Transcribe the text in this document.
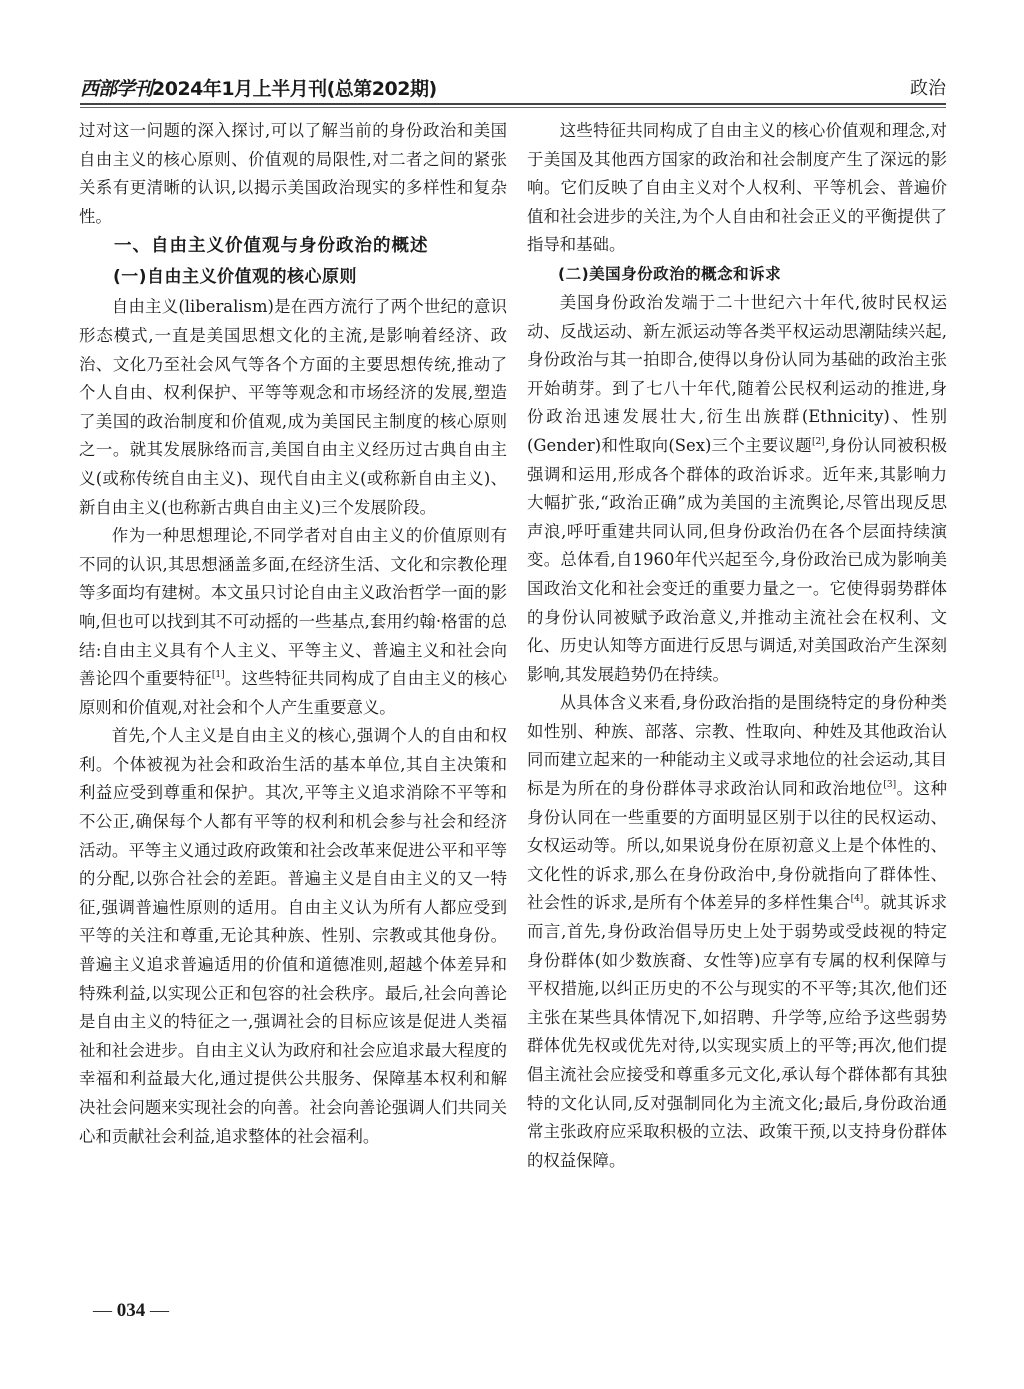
西部学刊2024年1月上半月刊(总第202期)	政治

过对这一问题的深入探讨,可以了解当前的身份政治和美国自由主义的核心原则、价值观的局限性,对二者之间的紧张关系有更清晰的认识,以揭示美国政治现实的多样性和复杂性。

一、自由主义价值观与身份政治的概述
(一)自由主义价值观的核心原则

自由主义(liberalism)是在西方流行了两个世纪的意识形态模式,一直是美国思想文化的主流,是影响着经济、政治、文化乃至社会风气等各个方面的主要思想传统,推动了个人自由、权利保护、平等等观念和市场经济的发展,塑造了美国的政治制度和价值观,成为美国民主制度的核心原则之一。就其发展脉络而言,美国自由主义经历过古典自由主义(或称传统自由主义)、现代自由主义(或称新自由主义)、新自由主义(也称新古典自由主义)三个发展阶段。

作为一种思想理论,不同学者对自由主义的价值原则有不同的认识,其思想涵盖多面,在经济生活、文化和宗教伦理等多面均有建树。本文虽只讨论自由主义政治哲学一面的影响,但也可以找到其不可动摇的一些基点,套用约翰·格雷的总结:自由主义具有个人主义、平等主义、普遍主义和社会向善论四个重要特征[1]。这些特征共同构成了自由主义的核心原则和价值观,对社会和个人产生重要意义。

首先,个人主义是自由主义的核心,强调个人的自由和权利。个体被视为社会和政治生活的基本单位,其自主决策和利益应受到尊重和保护。其次,平等主义追求消除不平等和不公正,确保每个人都有平等的权利和机会参与社会和经济活动。平等主义通过政府政策和社会改革来促进公平和平等的分配,以弥合社会的差距。普遍主义是自由主义的又一特征,强调普遍性原则的适用。自由主义认为所有人都应受到平等的关注和尊重,无论其种族、性别、宗教或其他身份。普遍主义追求普遍适用的价值和道德准则,超越个体差异和特殊利益,以实现公正和包容的社会秩序。最后,社会向善论是自由主义的特征之一,强调社会的目标应该是促进人类福祉和社会进步。自由主义认为政府和社会应追求最大程度的幸福和利益最大化,通过提供公共服务、保障基本权利和解决社会问题来实现社会的向善。社会向善论强调人们共同关心和贡献社会利益,追求整体的社会福利。

这些特征共同构成了自由主义的核心价值观和理念,对于美国及其他西方国家的政治和社会制度产生了深远的影响。它们反映了自由主义对个人权利、平等机会、普遍价值和社会进步的关注,为个人自由和社会正义的平衡提供了指导和基础。

(二)美国身份政治的概念和诉求

美国身份政治发端于二十世纪六十年代,彼时民权运动、反战运动、新左派运动等各类平权运动思潮陆续兴起,身份政治与其一拍即合,使得以身份认同为基础的政治主张开始萌芽。到了七八十年代,随着公民权利运动的推进,身份政治迅速发展壮大,衍生出族群(Ethnicity)、性别(Gender)和性取向(Sex)三个主要议题[2],身份认同被积极强调和运用,形成各个群体的政治诉求。近年来,其影响力大幅扩张,“政治正确”成为美国的主流舆论,尽管出现反思声浪,呼吁重建共同认同,但身份政治仍在各个层面持续演变。总体看,自1960年代兴起至今,身份政治已成为影响美国政治文化和社会变迁的重要力量之一。它使得弱势群体的身份认同被赋予政治意义,并推动主流社会在权利、文化、历史认知等方面进行反思与调适,对美国政治产生深刻影响,其发展趋势仍在持续。

从具体含义来看,身份政治指的是围绕特定的身份种类如性别、种族、部落、宗教、性取向、种姓及其他政治认同而建立起来的一种能动主义或寻求地位的社会运动,其目标是为所在的身份群体寻求政治认同和政治地位[3]。这种身份认同在一些重要的方面明显区别于以往的民权运动、女权运动等。所以,如果说身份在原初意义上是个体性的、文化性的诉求,那么在身份政治中,身份就指向了群体性、社会性的诉求,是所有个体差异的多样性集合[4]。就其诉求而言,首先,身份政治倡导历史上处于弱势或受歧视的特定身份群体(如少数族裔、女性等)应享有专属的权利保障与平权措施,以纠正历史的不公与现实的不平等;其次,他们还主张在某些具体情况下,如招聘、升学等,应给予这些弱势群体优先权或优先对待,以实现实质上的平等;再次,他们提倡主流社会应接受和尊重多元文化,承认每个群体都有其独特的文化认同,反对强制同化为主流文化;最后,身份政治通常主张政府应采取积极的立法、政策干预,以支持身份群体的权益保障。

— 034 —
